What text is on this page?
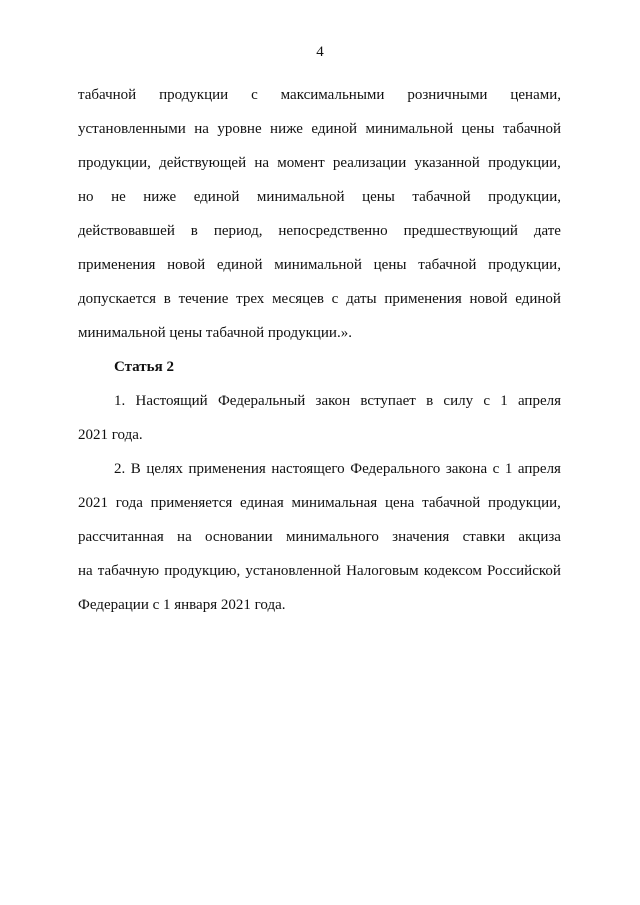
4
табачной продукции с максимальными розничными ценами,
установленными на уровне ниже единой минимальной цены табачной
продукции, действующей на момент реализации указанной продукции,
но не ниже единой минимальной цены табачной продукции,
действовавшей в период, непосредственно предшествующий дате
применения новой единой минимальной цены табачной продукции,
допускается в течение трех месяцев с даты применения новой единой
минимальной цены табачной продукции.».
Статья 2
1. Настоящий Федеральный закон вступает в силу с 1 апреля
2021 года.
2. В целях применения настоящего Федерального закона с 1 апреля
2021 года применяется единая минимальная цена табачной продукции,
рассчитанная на основании минимального значения ставки акциза
на табачную продукцию, установленной Налоговым кодексом Российской
Федерации с 1 января 2021 года.
